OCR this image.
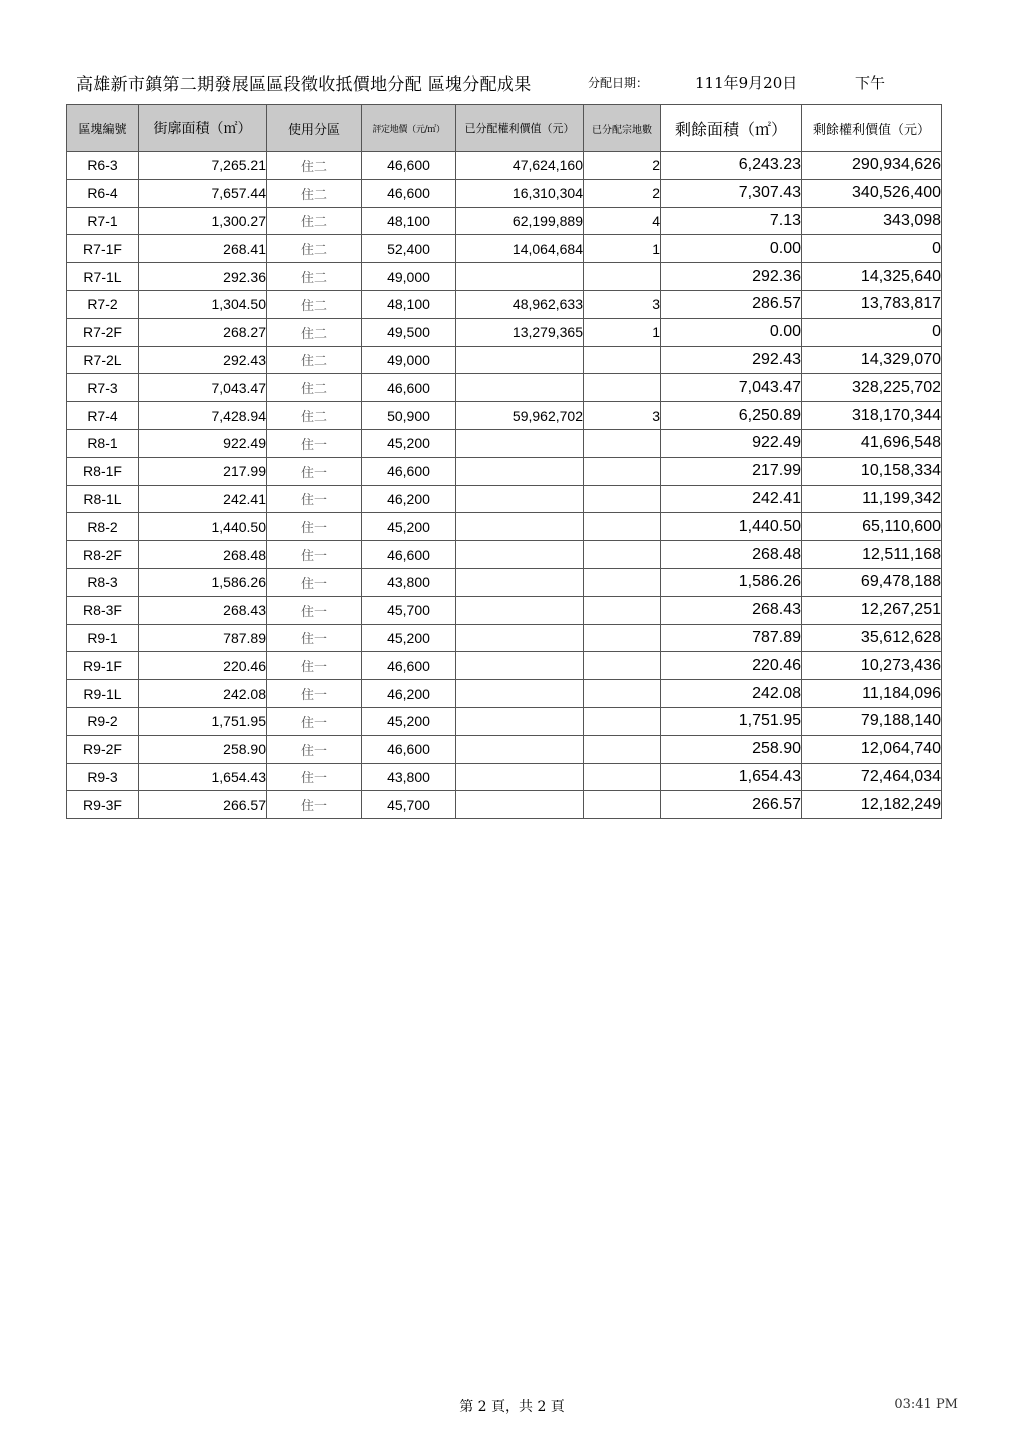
高雄新市鎮第二期發展區區段徵收抵價地分配 區塊分配成果	分配日期：	111年9月20日	下午
區塊編號	街廓面積（㎡）	使用分區	評定地價（元/㎡）	已分配權利價值（元）	已分配宗地數	剩餘面積（㎡）	剩餘權利價值（元）
R6-3	7,265.21	住二	46,600	47,624,160	2	6,243.23	290,934,626
R6-4	7,657.44	住二	46,600	16,310,304	2	7,307.43	340,526,400
R7-1	1,300.27	住二	48,100	62,199,889	4	7.13	343,098
R7-1F	268.41	住二	52,400	14,064,684	1	0.00	0
R7-1L	292.36	住二	49,000			292.36	14,325,640
R7-2	1,304.50	住二	48,100	48,962,633	3	286.57	13,783,817
R7-2F	268.27	住二	49,500	13,279,365	1	0.00	0
R7-2L	292.43	住二	49,000			292.43	14,329,070
R7-3	7,043.47	住二	46,600			7,043.47	328,225,702
R7-4	7,428.94	住二	50,900	59,962,702	3	6,250.89	318,170,344
R8-1	922.49	住一	45,200			922.49	41,696,548
R8-1F	217.99	住一	46,600			217.99	10,158,334
R8-1L	242.41	住一	46,200			242.41	11,199,342
R8-2	1,440.50	住一	45,200			1,440.50	65,110,600
R8-2F	268.48	住一	46,600			268.48	12,511,168
R8-3	1,586.26	住一	43,800			1,586.26	69,478,188
R8-3F	268.43	住一	45,700			268.43	12,267,251
R9-1	787.89	住一	45,200			787.89	35,612,628
R9-1F	220.46	住一	46,600			220.46	10,273,436
R9-1L	242.08	住一	46,200			242.08	11,184,096
R9-2	1,751.95	住一	45,200			1,751.95	79,188,140
R9-2F	258.90	住一	46,600			258.90	12,064,740
R9-3	1,654.43	住一	43,800			1,654.43	72,464,034
R9-3F	266.57	住一	45,700			266.57	12,182,249
第 2 頁，共 2 頁	03:41 PM
